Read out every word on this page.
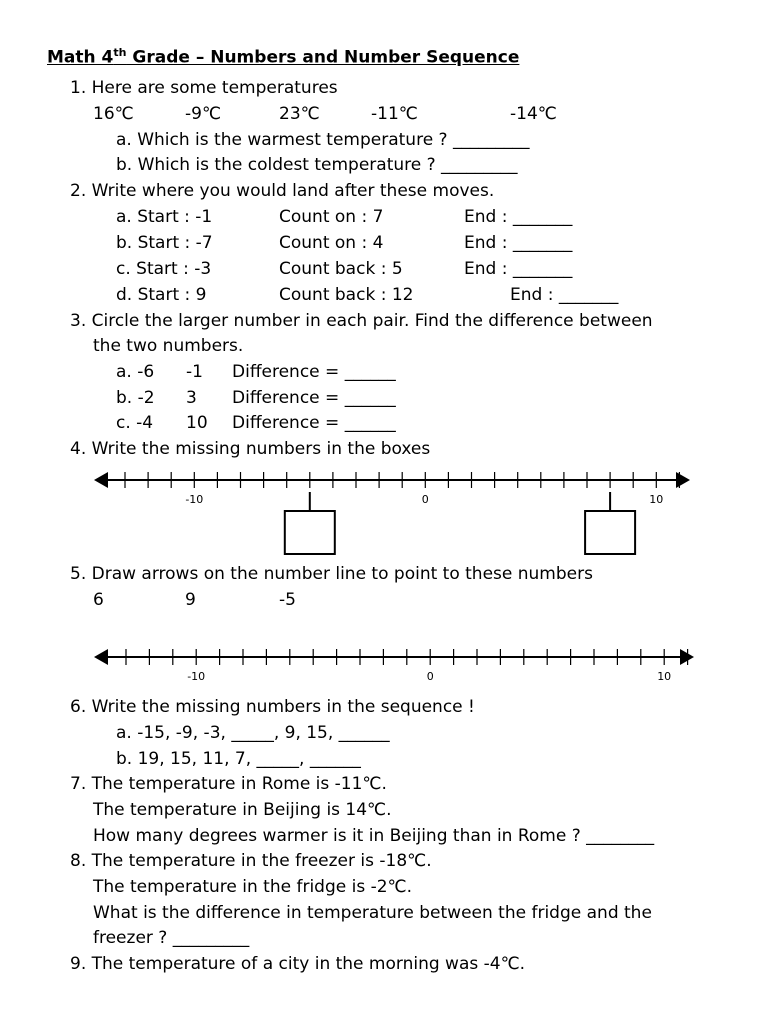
Math 4th Grade – Numbers and Number Sequence
1. Here are some temperatures
16℃	-9℃	23℃	-11℃	-14℃
a. Which is the warmest temperature ? _________
b. Which is the coldest temperature ? _________
2. Write where you would land after these moves.
a. Start : -1	Count on : 7	End : _______
b. Start : -7	Count on : 4	End : _______
c. Start : -3	Count back : 5	End : _______
d. Start : 9	Count back : 12	End : _______
3. Circle the larger number in each pair. Find the difference between
the two numbers.
a. -6 -1 Difference = ______
b. -2 3 Difference = ______
c. -4 10 Difference = ______
4. Write the missing numbers in the boxes
-10	0	10
5. Draw arrows on the number line to point to these numbers
6	9	-5
-10	0	10
6. Write the missing numbers in the sequence !
a. -15, -9, -3, _____, 9, 15, ______
b. 19, 15, 11, 7, _____, ______
7. The temperature in Rome is -11℃.
The temperature in Beijing is 14℃.
How many degrees warmer is it in Beijing than in Rome ? ________
8. The temperature in the freezer is -18℃.
The temperature in the fridge is -2℃.
What is the difference in temperature between the fridge and the
freezer ? _________
9. The temperature of a city in the morning was -4℃.
